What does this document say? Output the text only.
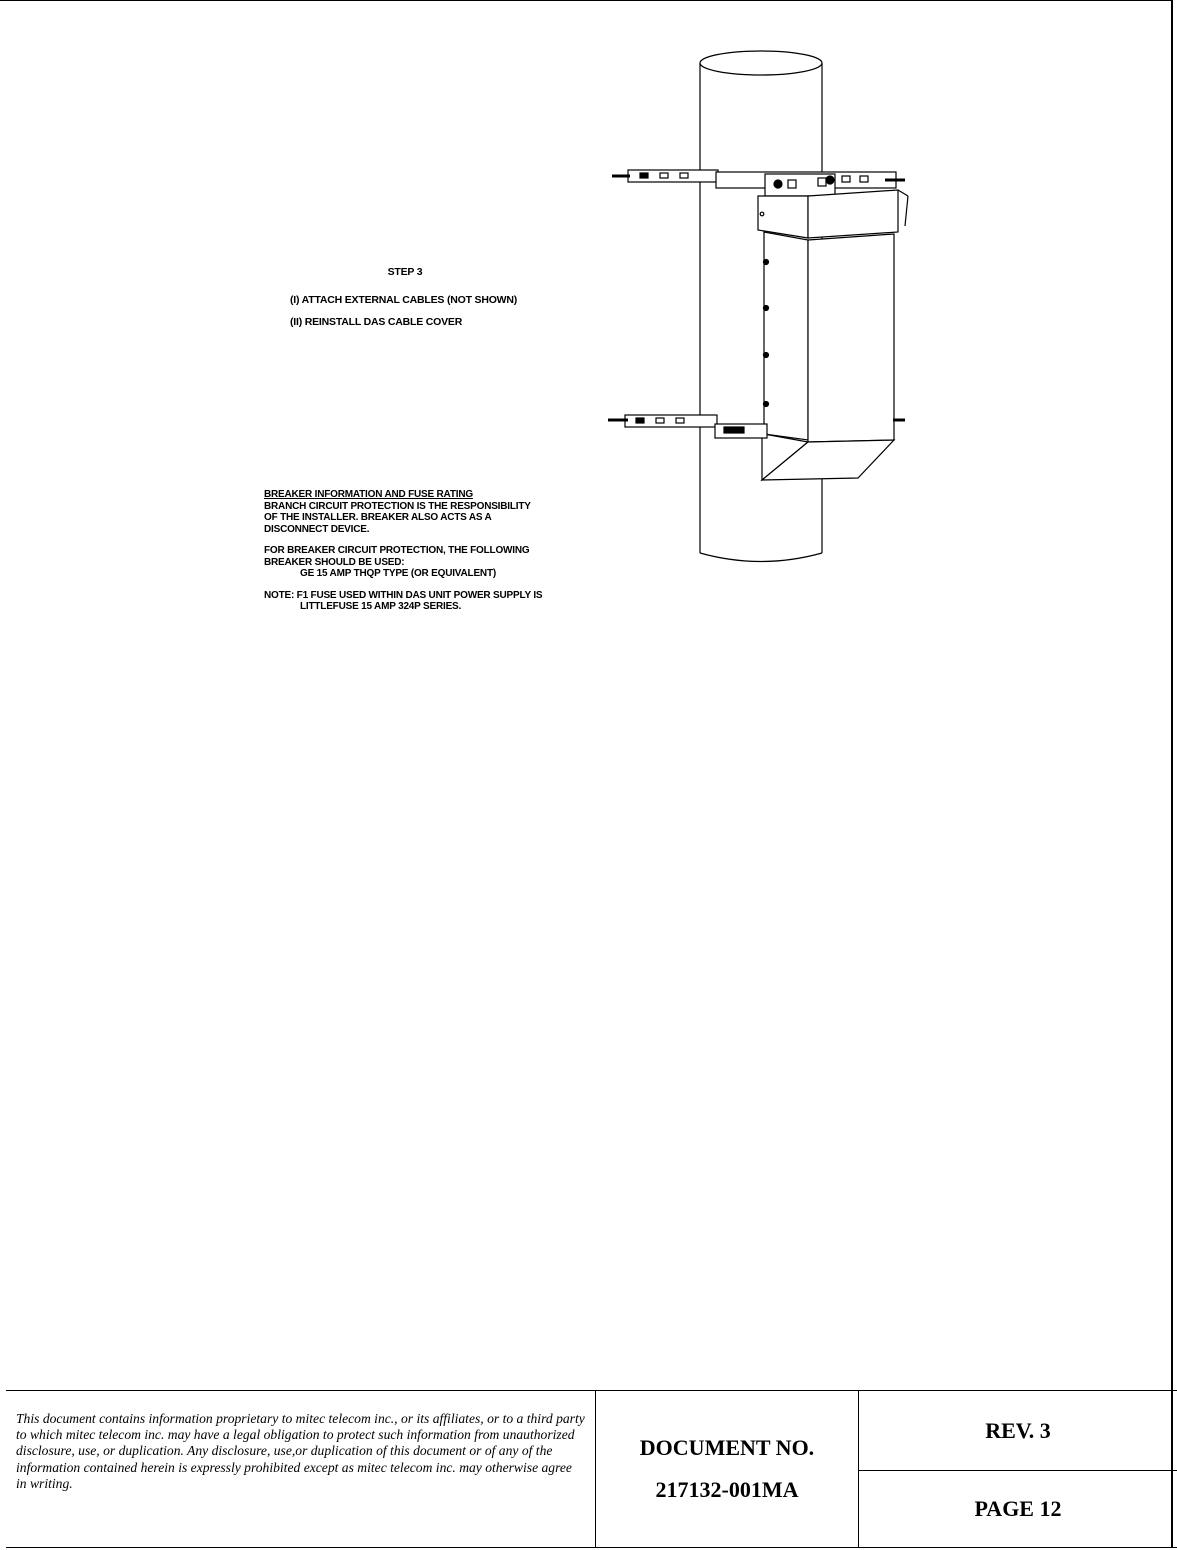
STEP 3
(I) ATTACH EXTERNAL CABLES (NOT SHOWN)
(II) REINSTALL DAS CABLE COVER
BREAKER INFORMATION AND FUSE RATING
BRANCH CIRCUIT PROTECTION IS THE RESPONSIBILITY
OF THE INSTALLER. BREAKER ALSO ACTS AS A
DISCONNECT DEVICE.
FOR BREAKER CIRCUIT PROTECTION, THE FOLLOWING
BREAKER SHOULD BE USED:
GE 15 AMP THQP TYPE (OR EQUIVALENT)
NOTE: F1 FUSE USED WITHIN DAS UNIT POWER SUPPLY IS
LITTLEFUSE 15 AMP 324P SERIES.
This document contains information proprietary to mitec telecom inc., or its affiliates, or to a third party to which mitec telecom inc. may have a legal obligation to protect such information from unauthorized disclosure, use, or duplication. Any disclosure, use,or duplication of this document or of any of the information contained herein is expressly prohibited except as mitec telecom inc. may otherwise agree in writing.
DOCUMENT NO.
217132-001MA
REV. 3
PAGE 12
